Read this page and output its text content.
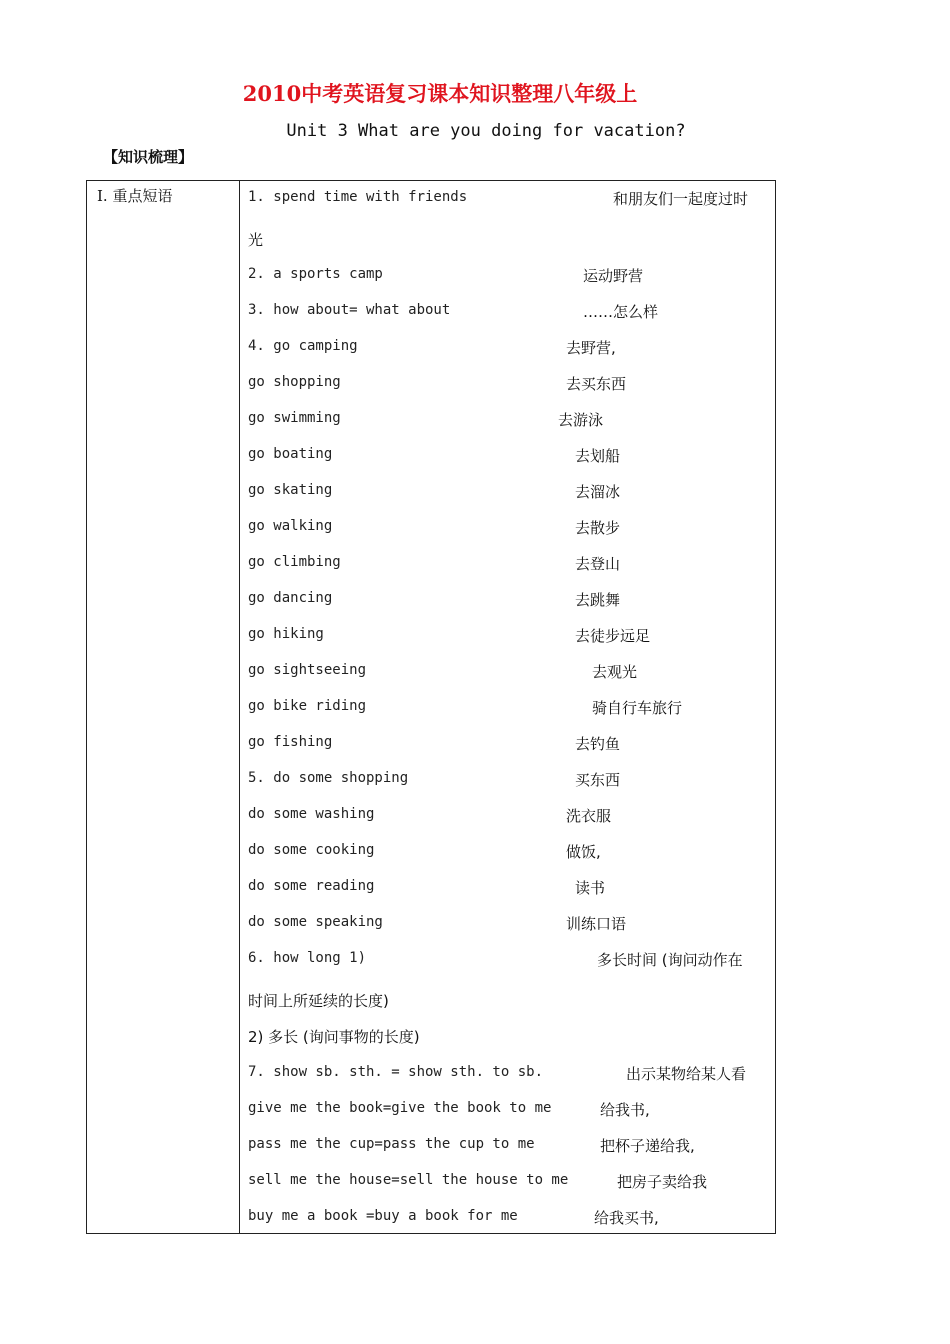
2010中考英语复习课本知识整理八年级上
Unit 3 What are you doing for vacation?
【知识梳理】
I. 重点短语	1. spend time with friends	和朋友们一起度过时
光
2. a sports camp	运动野营
3. how about= what about	……怎么样
4. go camping	去野营,
go shopping	去买东西
go swimming	去游泳
go boating	去划船
go skating	去溜冰
go walking	去散步
go climbing	去登山
go dancing	去跳舞
go hiking	去徒步远足
go sightseeing	去观光
go bike riding	骑自行车旅行
go fishing	去钓鱼
5. do some shopping	买东西
do some washing	洗衣服
do some cooking	做饭,
do some reading	读书
do some speaking	训练口语
6. how long 1)	多长时间 (询问动作在
时间上所延续的长度)
2) 多长 (询问事物的长度)
7. show sb. sth. = show sth. to sb.	出示某物给某人看
give me the book=give the book to me	给我书,
pass me the cup=pass the cup to me	把杯子递给我,
sell me the house=sell the house to me	把房子卖给我
buy me a book =buy a book for me	给我买书,
